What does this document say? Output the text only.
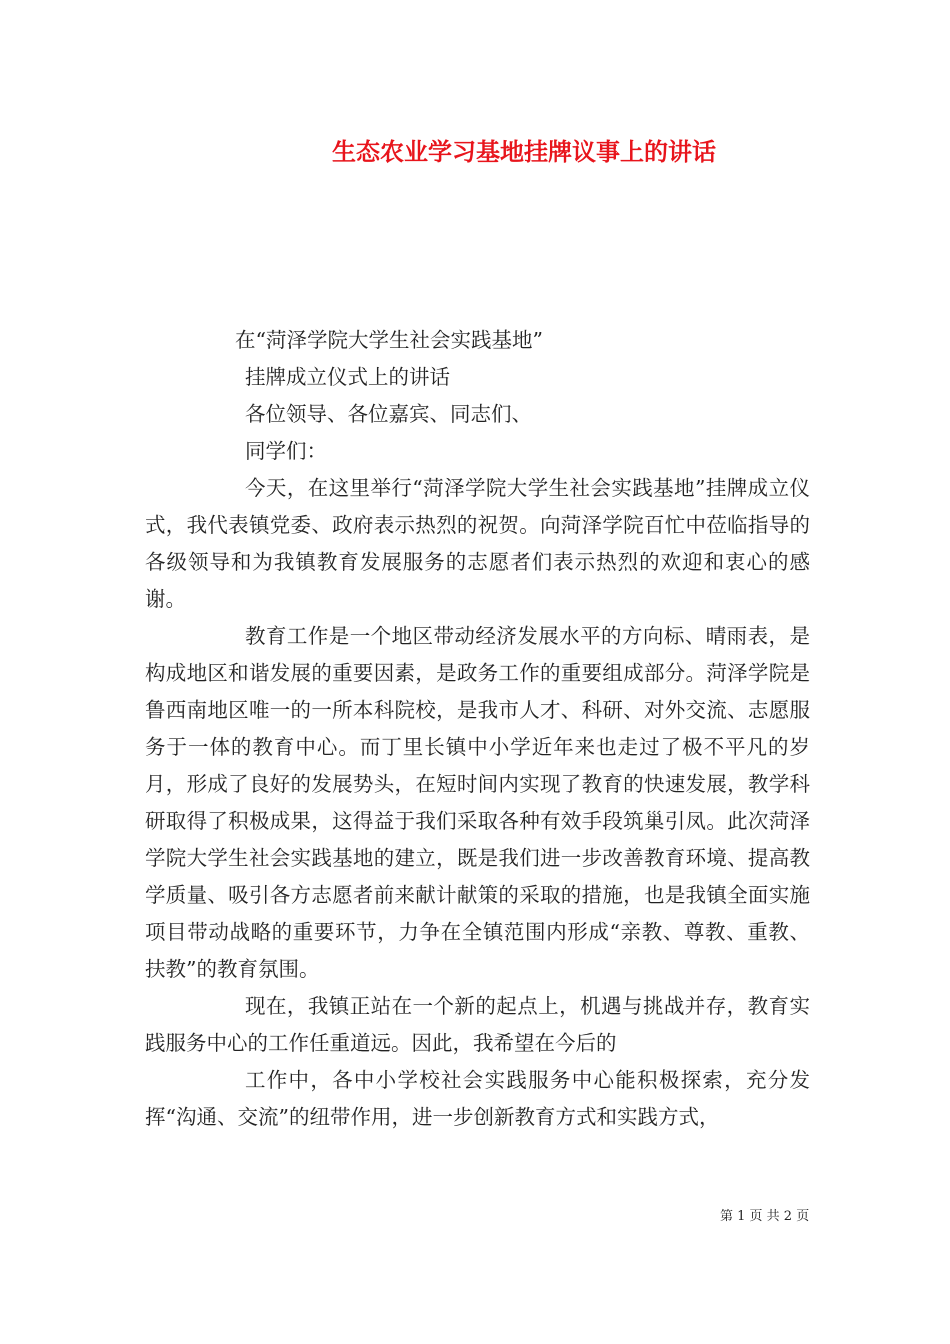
生态农业学习基地挂牌议事上的讲话
在“菏泽学院大学生社会实践基地”
挂牌成立仪式上的讲话
各位领导、各位嘉宾、同志们、
同学们：

今天，在这里举行“菏泽学院大学生社会实践基地”挂牌成立仪式，我代表镇党委、政府表示热烈的祝贺。向菏泽学院百忙中莅临指导的各级领导和为我镇教育发展服务的志愿者们表示热烈的欢迎和衷心的感谢。

教育工作是一个地区带动经济发展水平的方向标、晴雨表，是构成地区和谐发展的重要因素，是政务工作的重要组成部分。菏泽学院是鲁西南地区唯一的一所本科院校，是我市人才、科研、对外交流、志愿服务于一体的教育中心。而丁里长镇中小学近年来也走过了极不平凡的岁月，形成了良好的发展势头，在短时间内实现了教育的快速发展，教学科研取得了积极成果，这得益于我们采取各种有效手段筑巢引凤。此次菏泽学院大学生社会实践基地的建立，既是我们进一步改善教育环境、提高教学质量、吸引各方志愿者前来献计献策的采取的措施，也是我镇全面实施项目带动战略的重要环节，力争在全镇范围内形成“亲教、尊教、重教、扶教”的教育氛围。

现在，我镇正站在一个新的起点上，机遇与挑战并存，教育实践服务中心的工作任重道远。因此，我希望在今后的

工作中，各中小学校社会实践服务中心能积极探索，充分发挥“沟通、交流”的纽带作用，进一步创新教育方式和实践方式，

第 1 页 共 2 页
